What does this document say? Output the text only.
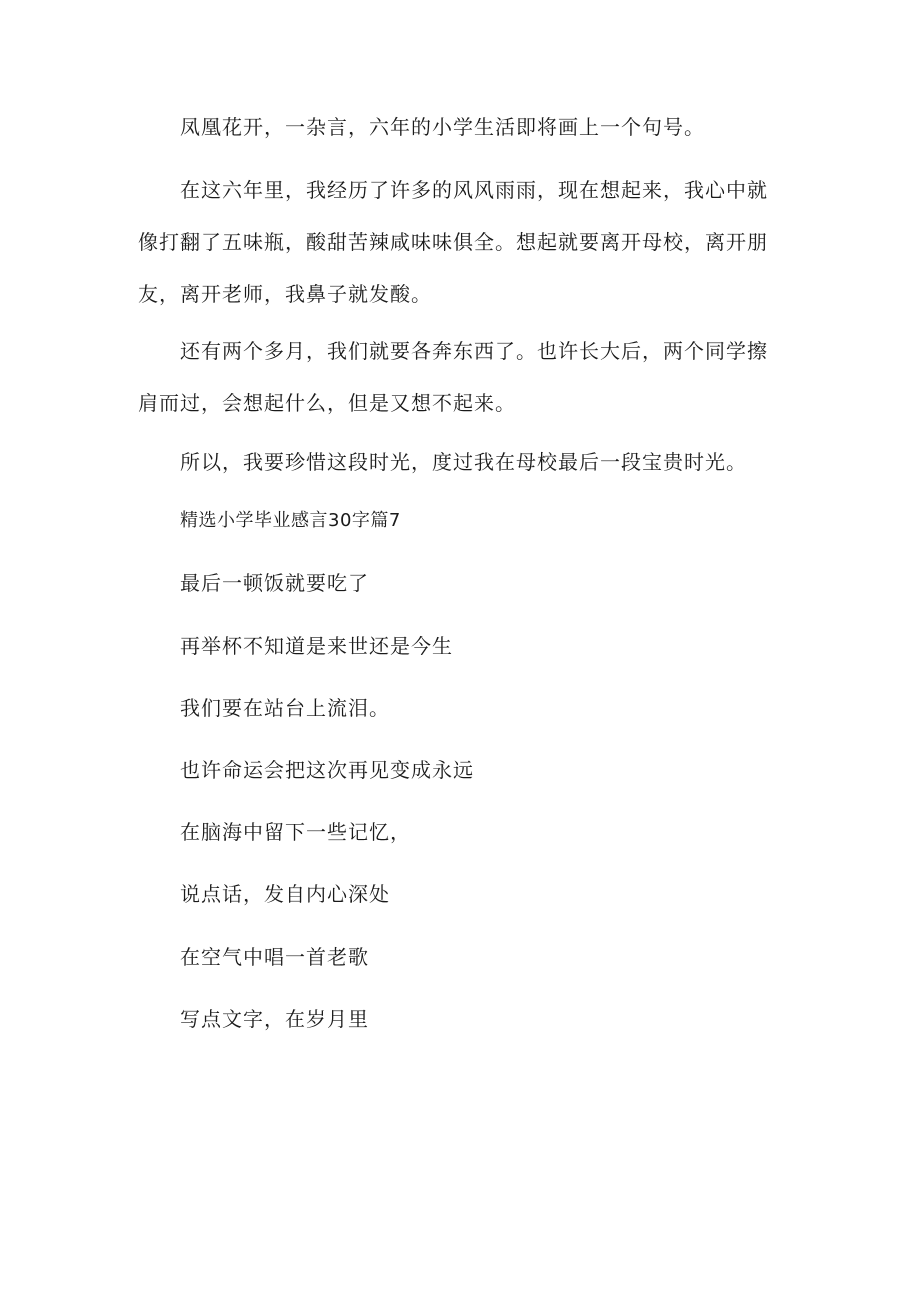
凤凰花开，一杂言，六年的小学生活即将画上一个句号。

在这六年里，我经历了许多的风风雨雨，现在想起来，我心中就像打翻了五味瓶，酸甜苦辣咸味味俱全。想起就要离开母校，离开朋友，离开老师，我鼻子就发酸。

还有两个多月，我们就要各奔东西了。也许长大后，两个同学擦肩而过，会想起什么，但是又想不起来。

所以，我要珍惜这段时光，度过我在母校最后一段宝贵时光。

精选小学毕业感言30字篇7
最后一顿饭就要吃了
再举杯不知道是来世还是今生
我们要在站台上流泪。
也许命运会把这次再见变成永远
在脑海中留下一些记忆，
说点话，发自内心深处
在空气中唱一首老歌
写点文字，在岁月里
